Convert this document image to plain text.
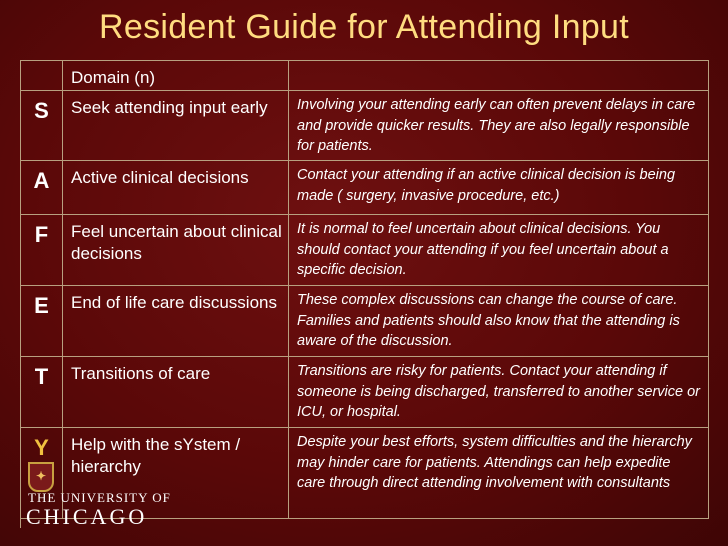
Resident Guide for Attending Input
	Domain (n)	
S	Seek attending input early	Involving your attending early can often prevent delays in care and provide quicker results. They are also legally responsible for patients.
A	Active clinical decisions	Contact your attending if an active clinical decision is being made ( surgery, invasive procedure, etc.)
F	Feel uncertain about clinical decisions	It is normal to feel uncertain about clinical decisions. You should contact your attending if you feel uncertain about a specific decision.
E	End of life care discussions	These complex discussions can change the course of care. Families and patients should also know that the attending is aware of the discussion.
T	Transitions of care	Transitions are risky for patients. Contact your attending if someone is being discharged, transferred to another service or ICU, or hospital.
Y	Help with the sYstem / hierarchy	Despite your best efforts, system difficulties and the hierarchy may hinder care for patients. Attendings can help expedite care through direct attending involvement with consultants
✦
THE UNIVERSITY OF
CHICAGO
